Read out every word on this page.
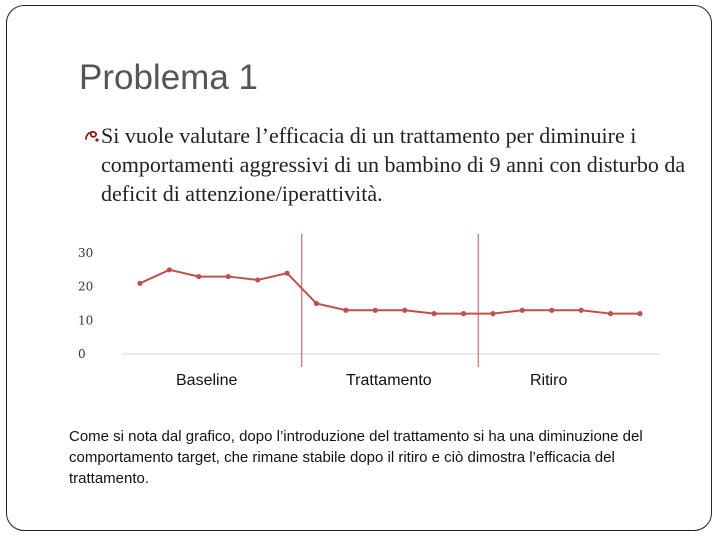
Problema 1
Si vuole valutare l’efficacia di un trattamento per diminuire i comportamenti aggressivi di un bambino di 9 anni con disturbo da deficit di attenzione/iperattività.
0
10
20
30
Baseline	Trattamento	Ritiro
Come si nota dal grafico, dopo l’introduzione del trattamento si ha una diminuzione del comportamento target, che rimane stabile dopo il ritiro e ciò dimostra l’efficacia del trattamento.
